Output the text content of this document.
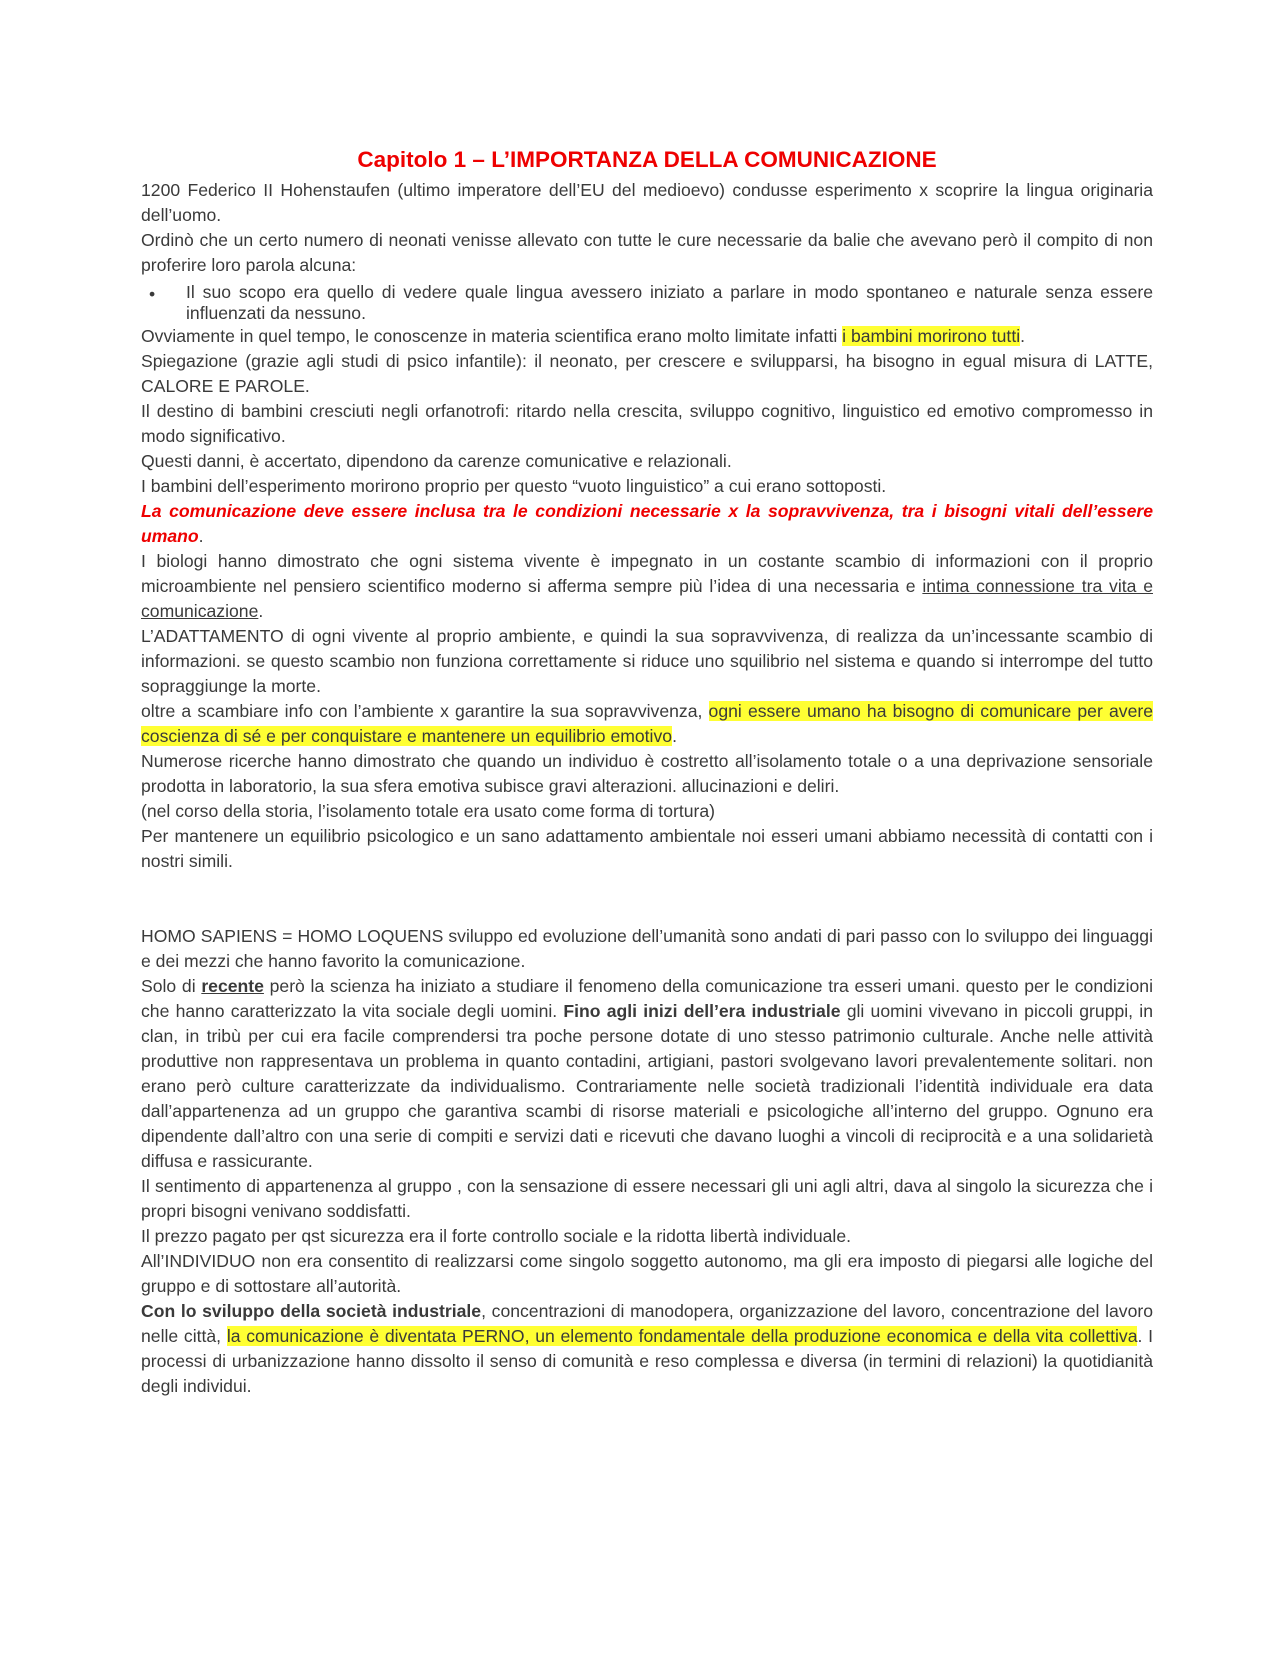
Capitolo 1 – L’IMPORTANZA DELLA COMUNICAZIONE

1200 Federico II Hohenstaufen (ultimo imperatore dell’EU del medioevo) condusse esperimento x scoprire la lingua originaria dell’uomo.

Ordinò che un certo numero di neonati venisse allevato con tutte le cure necessarie da balie che avevano però il compito di non proferire loro parola alcuna:

•	Il suo scopo era quello di vedere quale lingua avessero iniziato a parlare in modo spontaneo e naturale senza essere influenzati da nessuno.

Ovviamente in quel tempo, le conoscenze in materia scientifica erano molto limitate infatti i bambini morirono tutti.

Spiegazione (grazie agli studi di psico infantile): il neonato, per crescere e svilupparsi, ha bisogno in egual misura di LATTE, CALORE E PAROLE.

Il destino di bambini cresciuti negli orfanotrofi: ritardo nella crescita, sviluppo cognitivo, linguistico ed emotivo compromesso in modo significativo.

Questi danni, è accertato, dipendono da carenze comunicative e relazionali.

I bambini dell’esperimento morirono proprio per questo “vuoto linguistico” a cui erano sottoposti.

La comunicazione deve essere inclusa tra le condizioni necessarie x la sopravvivenza, tra i bisogni vitali dell’essere umano.

I biologi hanno dimostrato che ogni sistema vivente è impegnato in un costante scambio di informazioni con il proprio microambiente nel pensiero scientifico moderno si afferma sempre più l’idea di una necessaria e intima connessione tra vita e comunicazione.

L’ADATTAMENTO di ogni vivente al proprio ambiente, e quindi la sua sopravvivenza, di realizza da un’incessante scambio di informazioni. se questo scambio non funziona correttamente si riduce uno squilibrio nel sistema e quando si interrompe del tutto sopraggiunge la morte.

oltre a scambiare info con l’ambiente x garantire la sua sopravvivenza, ogni essere umano ha bisogno di comunicare per avere coscienza di sé e per conquistare e mantenere un equilibrio emotivo.

Numerose ricerche hanno dimostrato che quando un individuo è costretto all’isolamento totale o a una deprivazione sensoriale prodotta in laboratorio, la sua sfera emotiva subisce gravi alterazioni. allucinazioni e deliri.

(nel corso della storia, l’isolamento totale era usato come forma di tortura)

Per mantenere un equilibrio psicologico e un sano adattamento ambientale noi esseri umani abbiamo necessità di contatti con i nostri simili.

HOMO SAPIENS = HOMO LOQUENS sviluppo ed evoluzione dell’umanità sono andati di pari passo con lo sviluppo dei linguaggi e dei mezzi che hanno favorito la comunicazione.

Solo di recente però la scienza ha iniziato a studiare il fenomeno della comunicazione tra esseri umani. questo per le condizioni che hanno caratterizzato la vita sociale degli uomini. Fino agli inizi dell’era industriale gli uomini vivevano in piccoli gruppi, in clan, in tribù per cui era facile comprendersi tra poche persone dotate di uno stesso patrimonio culturale. Anche nelle attività produttive non rappresentava un problema in quanto contadini, artigiani, pastori svolgevano lavori prevalentemente solitari. non erano però culture caratterizzate da individualismo. Contrariamente nelle società tradizionali l’identità individuale era data dall’appartenenza ad un gruppo che garantiva scambi di risorse materiali e psicologiche all’interno del gruppo. Ognuno era dipendente dall’altro con una serie di compiti e servizi dati e ricevuti che davano luoghi a vincoli di reciprocità e a una solidarietà diffusa e rassicurante.

Il sentimento di appartenenza al gruppo , con la sensazione di essere necessari gli uni agli altri, dava al singolo la sicurezza che i propri bisogni venivano soddisfatti.

Il prezzo pagato per qst sicurezza era il forte controllo sociale e la ridotta libertà individuale.

All’INDIVIDUO non era consentito di realizzarsi come singolo soggetto autonomo, ma gli era imposto di piegarsi alle logiche del gruppo e di sottostare all’autorità.

Con lo sviluppo della società industriale, concentrazioni di manodopera, organizzazione del lavoro, concentrazione del lavoro nelle città, la comunicazione è diventata PERNO, un elemento fondamentale della produzione economica e della vita collettiva. I processi di urbanizzazione hanno dissolto il senso di comunità e reso complessa e diversa (in termini di relazioni) la quotidianità degli individui.
